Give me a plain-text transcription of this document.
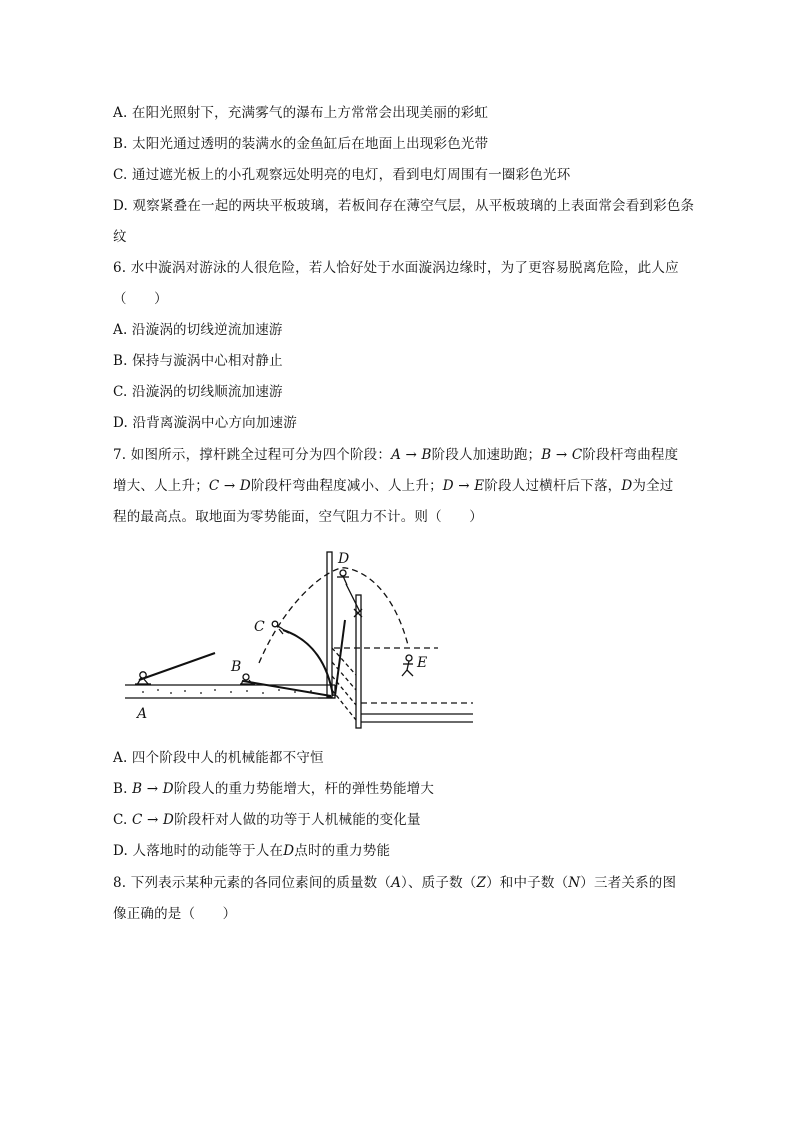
A. 在阳光照射下，充满雾气的瀑布上方常常会出现美丽的彩虹
B. 太阳光通过透明的装满水的金鱼缸后在地面上出现彩色光带
C. 通过遮光板上的小孔观察远处明亮的电灯，看到电灯周围有一圈彩色光环
D. 观察紧叠在一起的两块平板玻璃，若板间存在薄空气层，从平板玻璃的上表面常会看到彩色条
纹
6. 水中漩涡对游泳的人很危险，若人恰好处于水面漩涡边缘时，为了更容易脱离危险，此人应
（　　）
A. 沿漩涡的切线逆流加速游
B. 保持与漩涡中心相对静止
C. 沿漩涡的切线顺流加速游
D. 沿背离漩涡中心方向加速游
7. 如图所示，撑杆跳全过程可分为四个阶段：A → B阶段人加速助跑；B → C阶段杆弯曲程度
增大、人上升；C → D阶段杆弯曲程度减小、人上升；D → E阶段人过横杆后下落，D为全过
程的最高点。取地面为零势能面，空气阻力不计。则（　　）
A
B
C
D
E
A. 四个阶段中人的机械能都不守恒
B. B → D阶段人的重力势能增大，杆的弹性势能增大
C. C → D阶段杆对人做的功等于人机械能的变化量
D. 人落地时的动能等于人在D点时的重力势能
8. 下列表示某种元素的各同位素间的质量数（A）、质子数（Z）和中子数（N）三者关系的图
像正确的是（　　）
